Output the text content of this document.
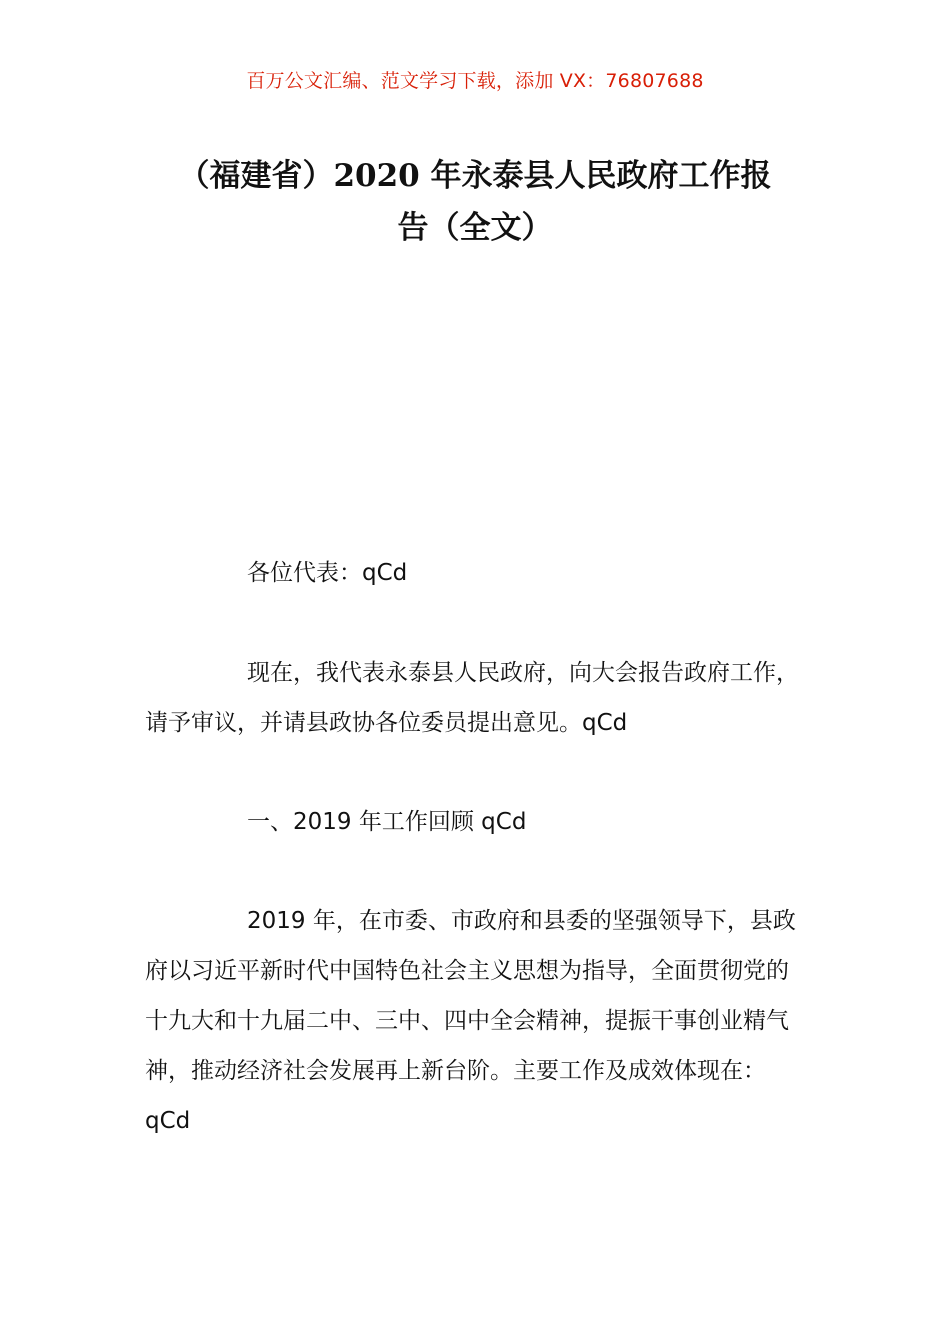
百万公文汇编、范文学习下载，添加 VX：76807688
（福建省）2020 年永泰县人民政府工作报
告（全文）

各位代表：qCd

现在，我代表永泰县人民政府，向大会报告政府工作，请予审议，并请县政协各位委员提出意见。qCd

一、2019 年工作回顾 qCd

2019 年，在市委、市政府和县委的坚强领导下，县政府以习近平新时代中国特色社会主义思想为指导，全面贯彻党的十九大和十九届二中、三中、四中全会精神，提振干事创业精气神，推动经济社会发展再上新台阶。主要工作及成效体现在：qCd
